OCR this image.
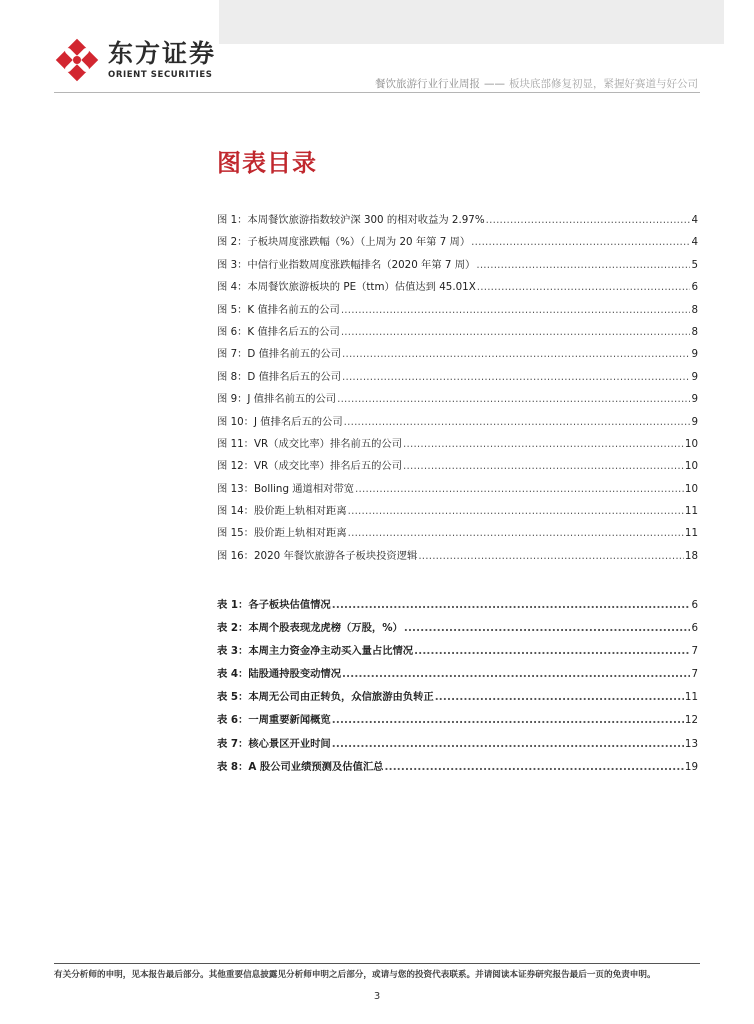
东方证券
ORIENT SECURITIES
餐饮旅游行业行业周报 —— 板块底部修复初显，紧握好赛道与好公司
图表目录
图 1：本周餐饮旅游指数较沪深 300 的相对收益为 2.97% .....	4
图 2：子板块周度涨跌幅（%）（上周为 20 年第 7 周） .....	4
图 3：中信行业指数周度涨跌幅排名（2020 年第 7 周） .....	5
图 4：本周餐饮旅游板块的 PE（ttm）估值达到 45.01X .....	6
图 5：K 值排名前五的公司 .....	8
图 6：K 值排名后五的公司 .....	8
图 7：D 值排名前五的公司 .....	9
图 8：D 值排名后五的公司 .....	9
图 9：J 值排名前五的公司 .....	9
图 10：J 值排名后五的公司 .....	9
图 11：VR（成交比率）排名前五的公司 .....	10
图 12：VR（成交比率）排名后五的公司 .....	10
图 13：Bolling 通道相对带宽 .....	10
图 14：股价距上轨相对距离 .....	11
图 15：股价距上轨相对距离 .....	11
图 16：2020 年餐饮旅游各子板块投资逻辑 .....	18
表 1：各子板块估值情况 .....	6
表 2：本周个股表现龙虎榜（万股，%） .....	6
表 3：本周主力资金净主动买入量占比情况 .....	7
表 4：陆股通持股变动情况 .....	7
表 5：本周无公司由正转负，众信旅游由负转正 .....	11
表 6：一周重要新闻概览 .....	12
表 7：核心景区开业时间 .....	13
表 8：A 股公司业绩预测及估值汇总 .....	19
有关分析师的申明，见本报告最后部分。其他重要信息披露见分析师申明之后部分，或请与您的投资代表联系。并请阅读本证券研究报告最后一页的免责申明。
3
